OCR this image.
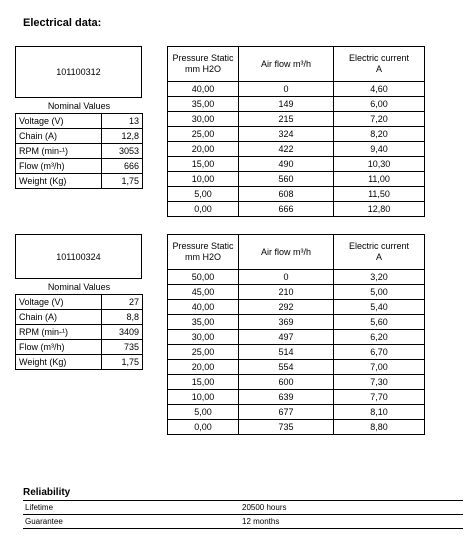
Electrical data:
101100312
Nominal Values	
Voltage (V)	13
Chain (A)	12,8
RPM (min-¹)	3053
Flow (m³/h)	666
Weight (Kg)	1,75
Pressure Static
mm H2O	Air flow m³/h	Electric current
A
40,00	0	4,60
35,00	149	6,00
30,00	215	7,20
25,00	324	8,20
20,00	422	9,40
15,00	490	10,30
10,00	560	11,00
5,00	608	11,50
0,00	666	12,80
101100324
Nominal Values	
Voltage (V)	27
Chain (A)	8,8
RPM (min-¹)	3409
Flow (m³/h)	735
Weight (Kg)	1,75
Pressure Static
mm H2O	Air flow m³/h	Electric current
A
50,00	0	3,20
45,00	210	5,00
40,00	292	5,40
35,00	369	5,60
30,00	497	6,20
25,00	514	6,70
20,00	554	7,00
15,00	600	7,30
10,00	639	7,70
5,00	677	8,10
0,00	735	8,80
Reliability
Lifetime	20500 hours
Guarantee	12 months
